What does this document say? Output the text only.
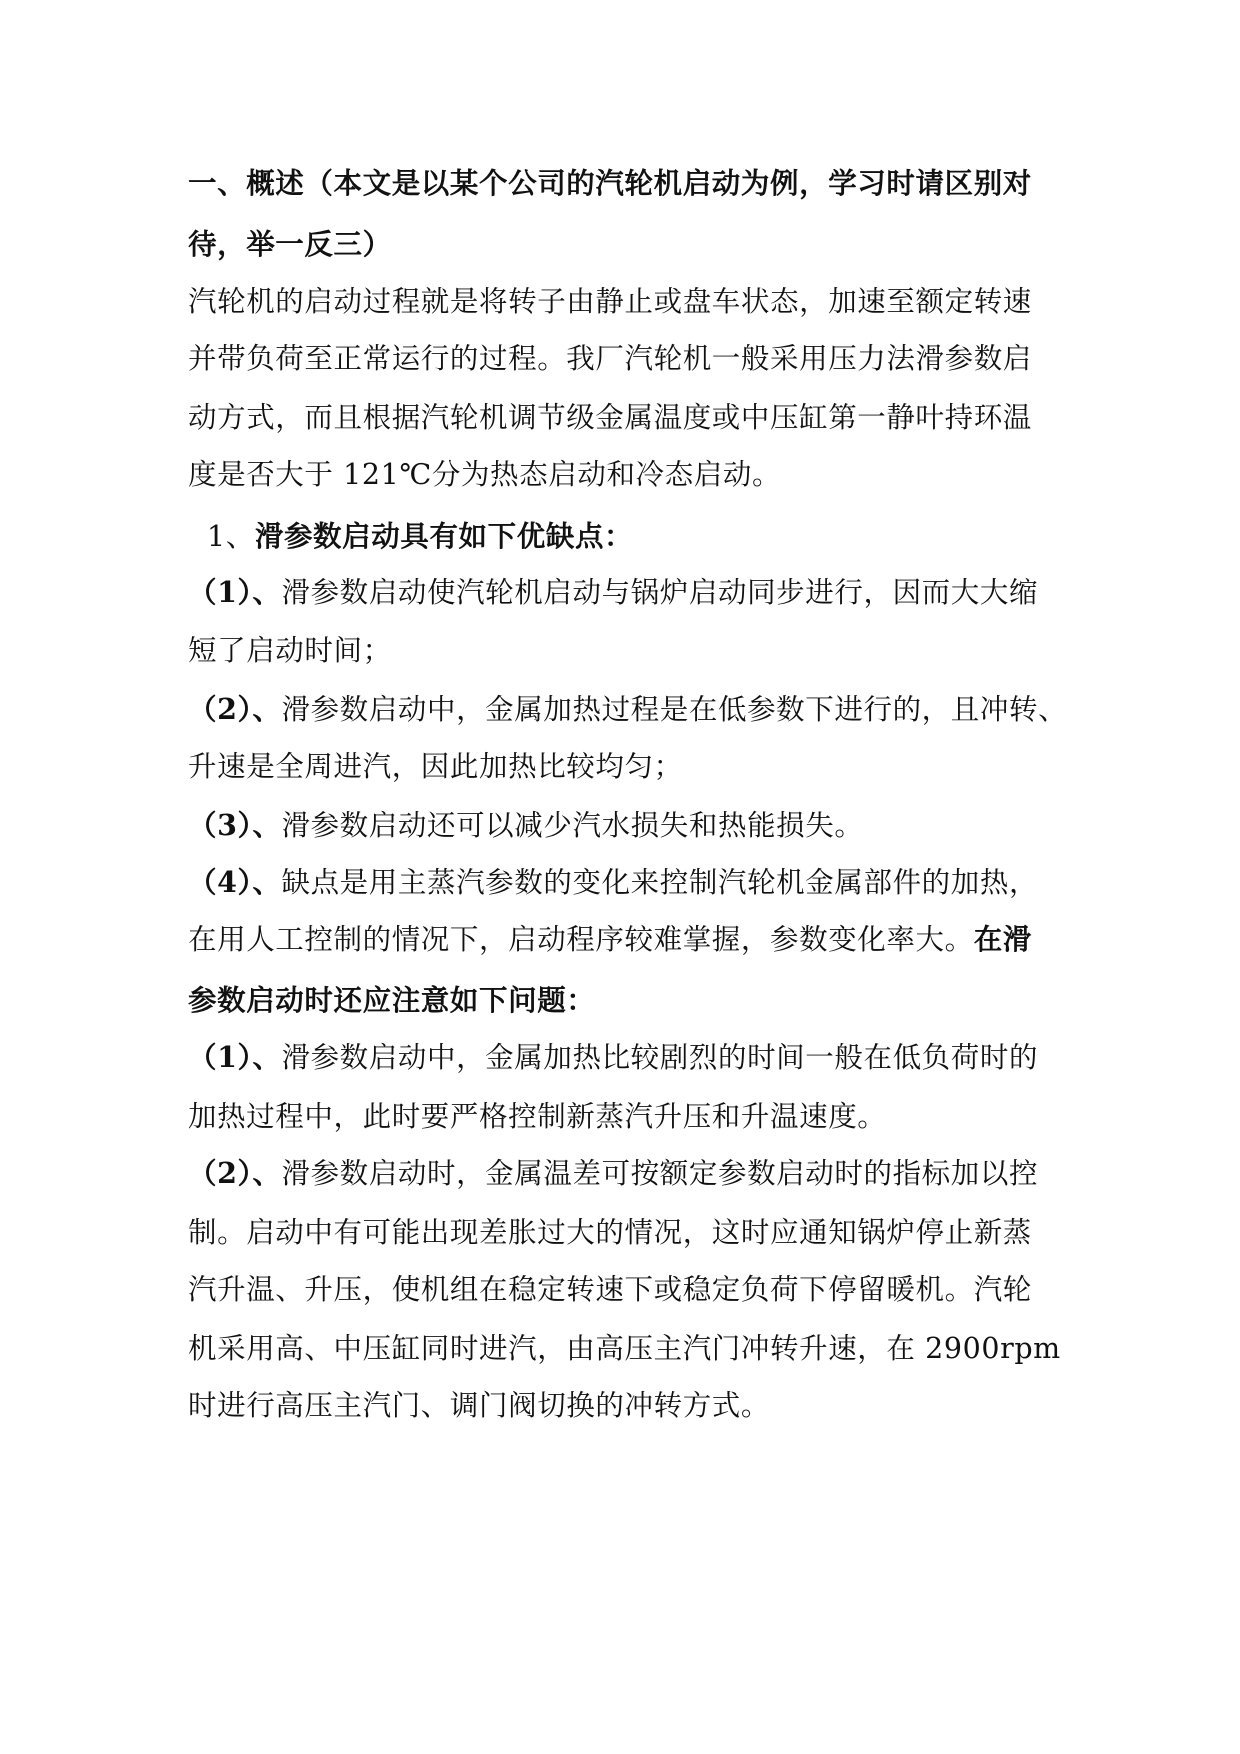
一、概述（本文是以某个公司的汽轮机启动为例，学习时请区别对
待，举一反三）
汽轮机的启动过程就是将转子由静止或盘车状态，加速至额定转速
并带负荷至正常运行的过程。我厂汽轮机一般采用压力法滑参数启
动方式，而且根据汽轮机调节级金属温度或中压缸第一静叶持环温
度是否大于 121℃分为热态启动和冷态启动。
1、滑参数启动具有如下优缺点：
（1）、滑参数启动使汽轮机启动与锅炉启动同步进行，因而大大缩
短了启动时间；
（2）、滑参数启动中，金属加热过程是在低参数下进行的，且冲转、
升速是全周进汽，因此加热比较均匀；
（3）、滑参数启动还可以减少汽水损失和热能损失。
（4）、缺点是用主蒸汽参数的变化来控制汽轮机金属部件的加热，
在用人工控制的情况下，启动程序较难掌握，参数变化率大。在滑
参数启动时还应注意如下问题：
（1）、滑参数启动中，金属加热比较剧烈的时间一般在低负荷时的
加热过程中，此时要严格控制新蒸汽升压和升温速度。
（2）、滑参数启动时，金属温差可按额定参数启动时的指标加以控
制。启动中有可能出现差胀过大的情况，这时应通知锅炉停止新蒸
汽升温、升压，使机组在稳定转速下或稳定负荷下停留暖机。汽轮
机采用高、中压缸同时进汽，由高压主汽门冲转升速，在 2900rpm
时进行高压主汽门、调门阀切换的冲转方式。
